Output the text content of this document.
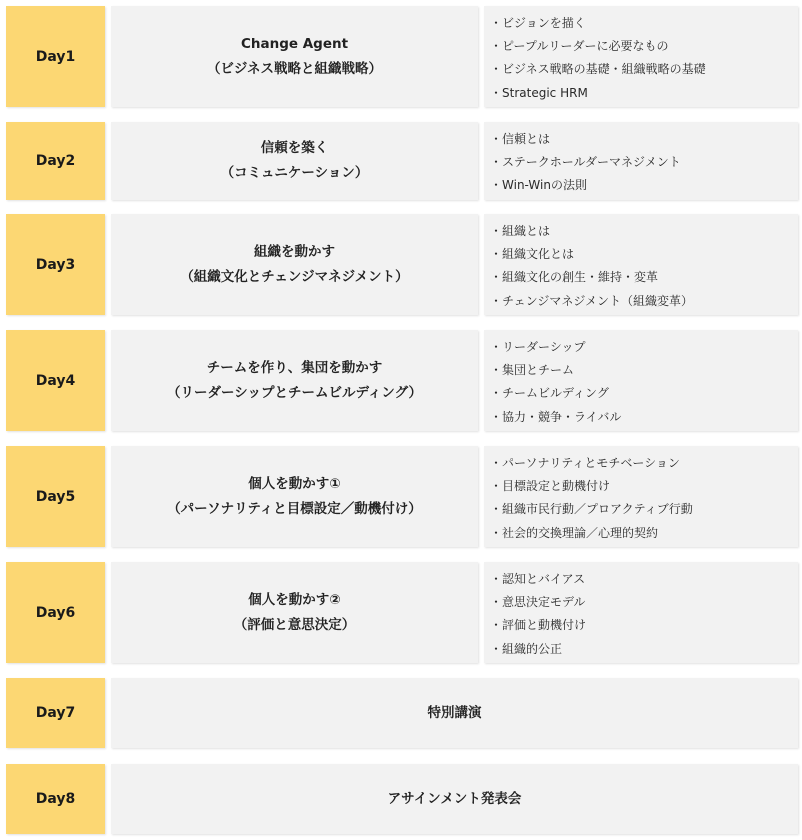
Day1
Change Agent
（ビジネス戦略と組織戦略）
・ ビジョンを描く
・ ピープルリーダーに必要なもの
・ ビジネス戦略の基礎・組織戦略の基礎
・ Strategic HRM
Day2
信頼を築く
（コミュニケーション）
・ 信頼とは
・ ステークホールダーマネジメント
・ Win-Winの法則
Day3
組織を動かす
（組織文化とチェンジマネジメント）
・ 組織とは
・ 組織文化とは
・ 組織文化の創生・維持・変革
・ チェンジマネジメント（組織変革）
Day4
チームを作り、集団を動かす
（リーダーシップとチームビルディング）
・ リーダーシップ
・ 集団とチーム
・ チームビルディング
・ 協力・競争・ライバル
Day5
個人を動かす①
（パーソナリティと目標設定／動機付け）
・ パーソナリティとモチベーション
・ 目標設定と動機付け
・ 組織市民行動／プロアクティブ行動
・ 社会的交換理論／心理的契約
Day6
個人を動かす②
（評価と意思決定）
・ 認知とバイアス
・ 意思決定モデル
・ 評価と動機付け
・ 組織的公正
Day7	特別講演
Day8	アサインメント発表会
